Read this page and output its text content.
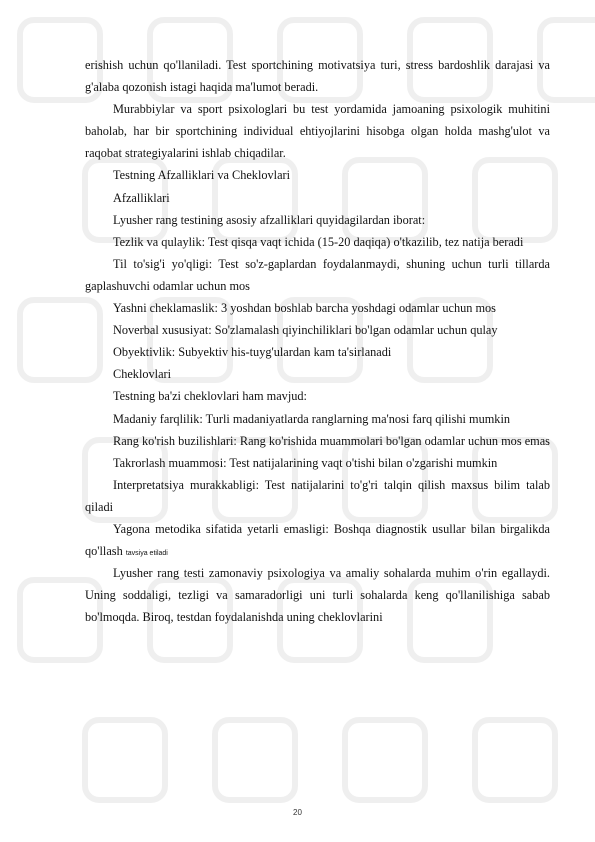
erishish uchun qo'llaniladi. Test sportchining motivatsiya turi, stress bardoshlik darajasi va g'alaba qozonish istagi haqida ma'lumot beradi.

Murabbiylar va sport psixologlari bu test yordamida jamoaning psixologik muhitini baholab, har bir sportchining individual ehtiyojlarini hisobga olgan holda mashg'ulot va raqobat strategiyalarini ishlab chiqadilar.

Testning Afzalliklari va Cheklovlari

Afzalliklari

Lyusher rang testining asosiy afzalliklari quyidagilardan iborat:

Tezlik va qulaylik: Test qisqa vaqt ichida (15-20 daqiqa) o'tkazilib, tez natija beradi

Til to'sig'i yo'qligi: Test so'z-gaplardan foydalanmaydi, shuning uchun turli tillarda gaplashuvchi odamlar uchun mos

Yashni cheklamaslik: 3 yoshdan boshlab barcha yoshdagi odamlar uchun mos

Noverbal xususiyat: So'zlamalash qiyinchiliklari bo'lgan odamlar uchun qulay

Obyektivlik: Subyektiv his-tuyg'ulardan kam ta'sirlanadi

Cheklovlari

Testning ba'zi cheklovlari ham mavjud:

Madaniy farqlilik: Turli madaniyatlarda ranglarning ma'nosi farq qilishi mumkin

Rang ko'rish buzilishlari: Rang ko'rishida muammolari bo'lgan odamlar uchun mos emas

Takrorlash muammosi: Test natijalarining vaqt o'tishi bilan o'zgarishi mumkin

Interpretatsiya murakkabligi: Test natijalarini to'g'ri talqin qilish maxsus bilim talab qiladi

Yagona metodika sifatida yetarli emasligi: Boshqa diagnostik usullar bilan birgalikda qo'llash tavsiya etiladi

Lyusher rang testi zamonaviy psixologiya va amaliy sohalarda muhim o'rin egallaydi. Uning soddaligi, tezligi va samaradorligi uni turli sohalarda keng qo'llanilishiga sabab bo'lmoqda. Biroq, testdan foydalanishda uning cheklovlarini

20
